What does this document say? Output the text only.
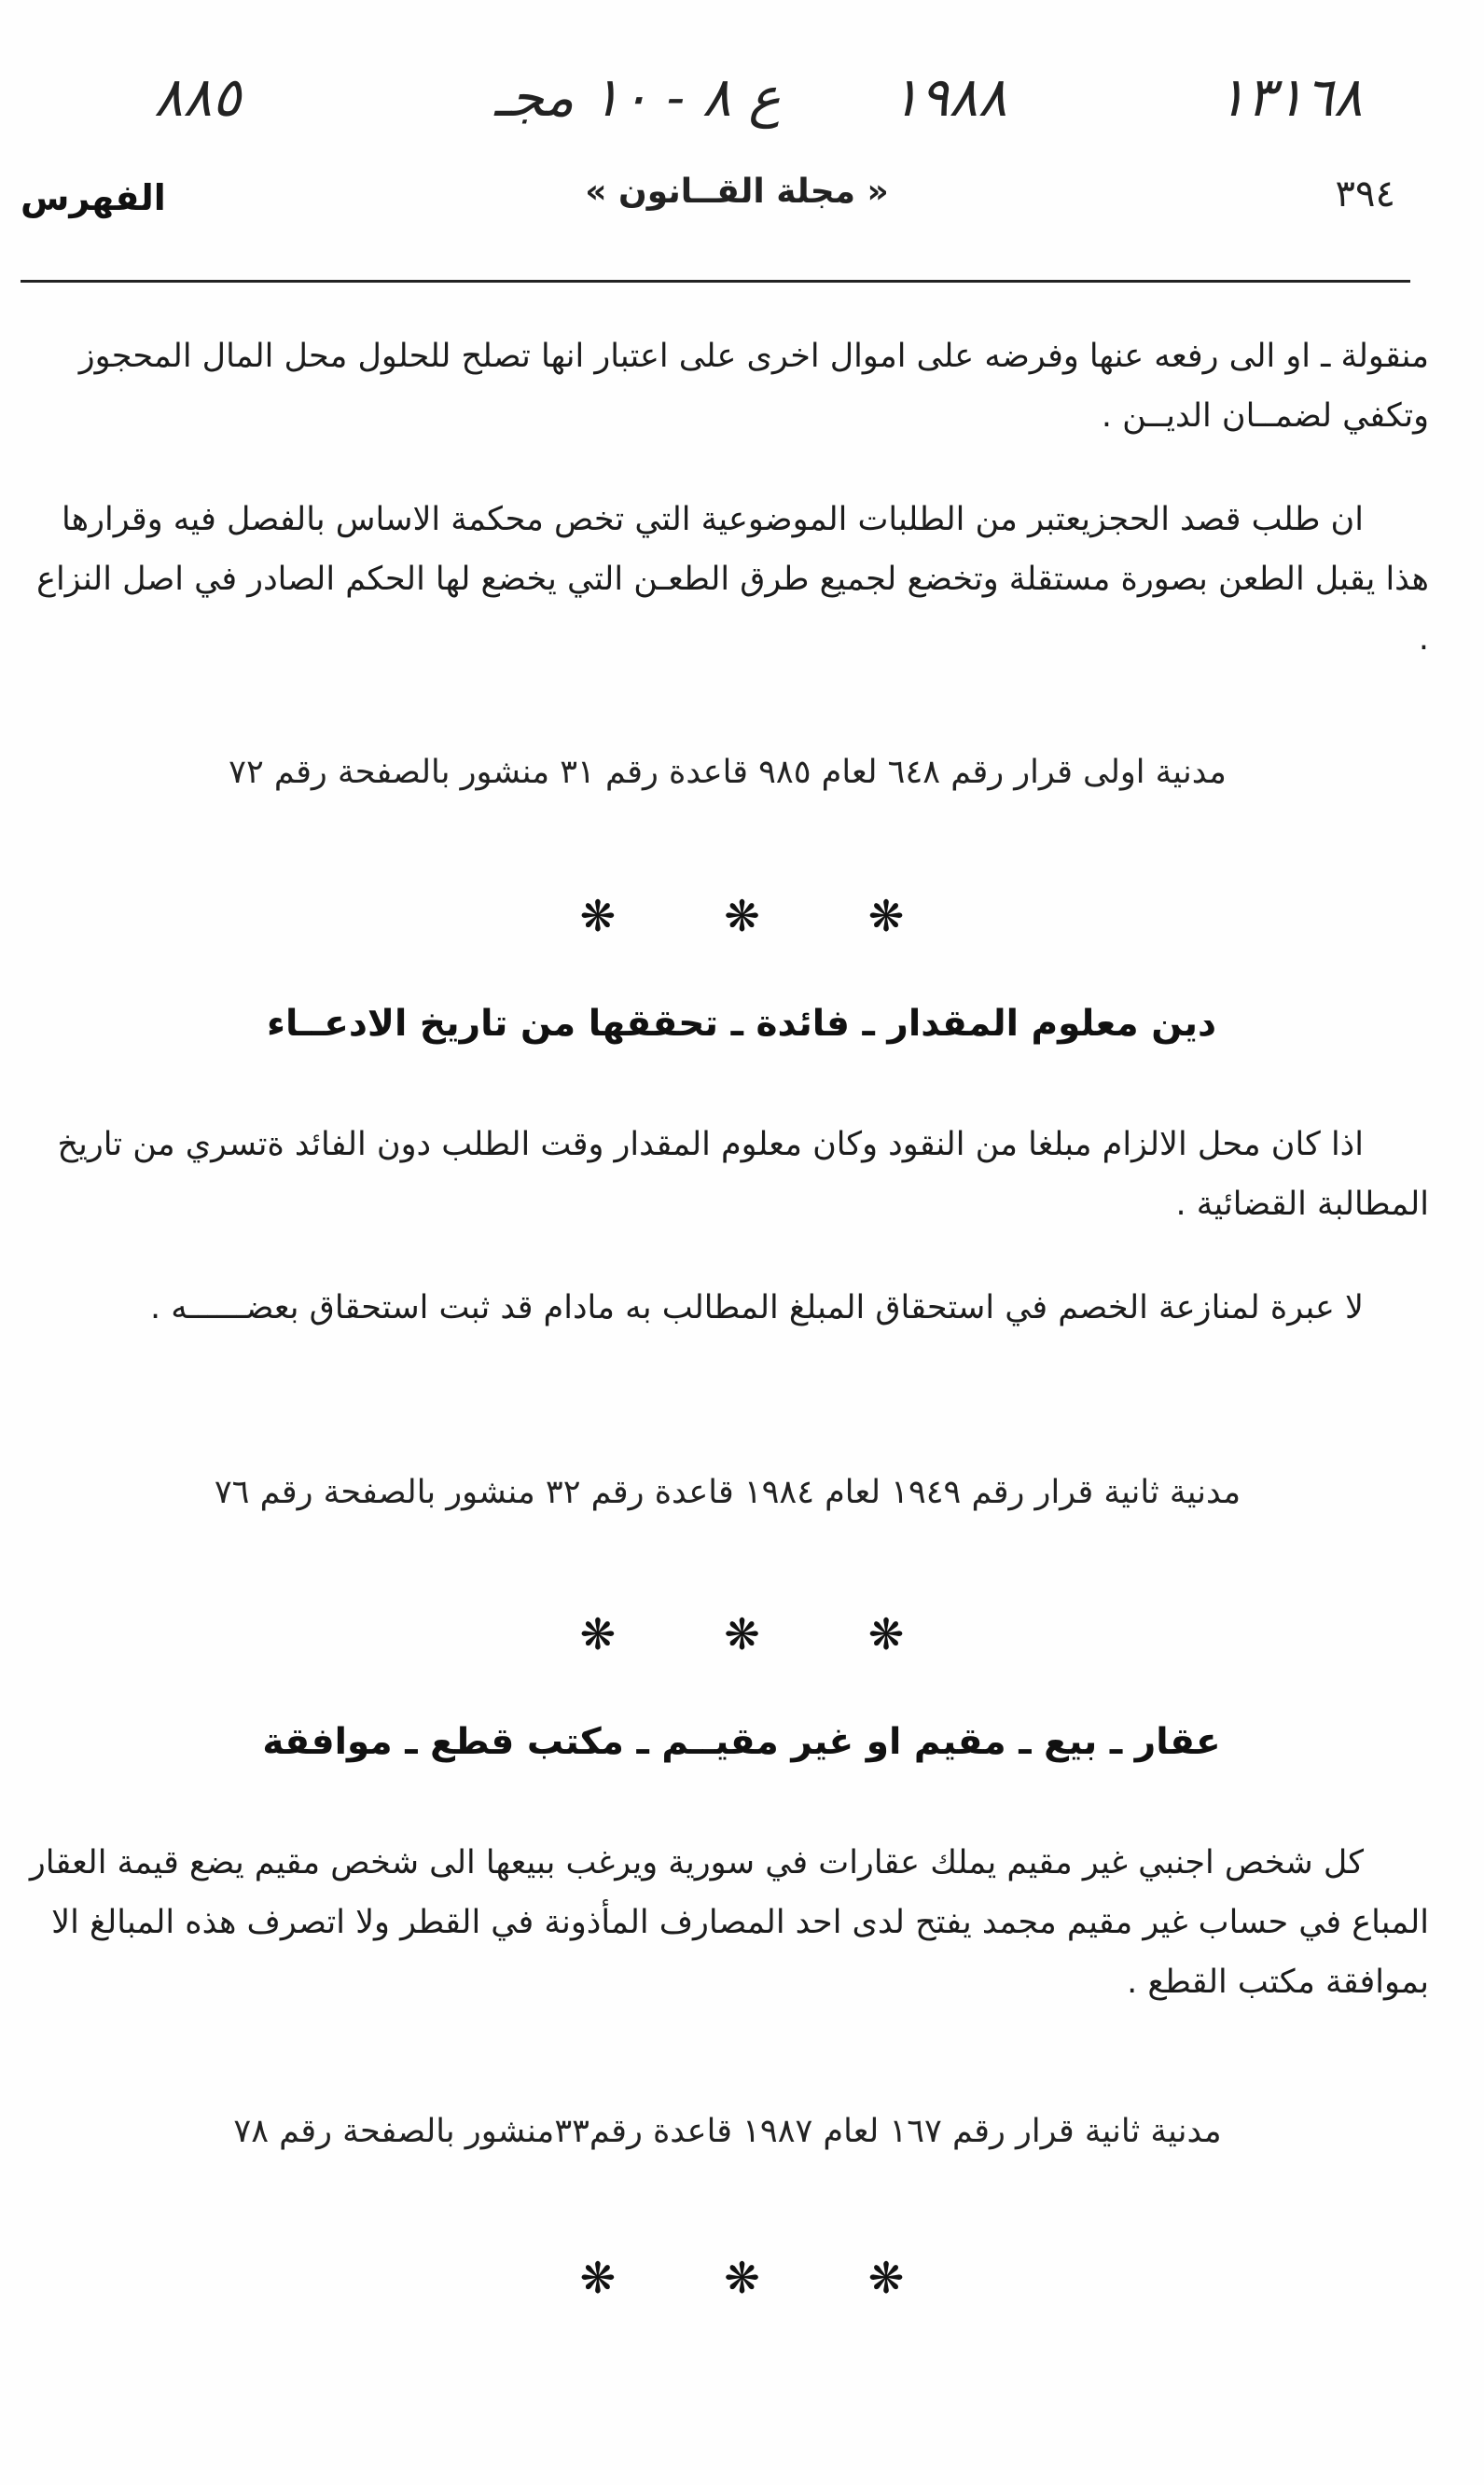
١٣١٦٨
١٩٨٨
ع ٨ - ١٠ مجـ
٨٨٥
٣٩٤
« مجلة القــانون »
الفهرس

منقولة ـ او الى رفعه عنها وفرضه على اموال اخرى على اعتبار انها تصلح للحلول محل المال المحجوز وتكفي لضمــان الديــن .

ان طلب قصد الحجزيعتبر من الطلبات الموضوعية التي تخص محكمة الاساس بالفصل فيه وقرارها هذا يقبل الطعن بصورة مستقلة وتخضع لجميع طرق الطعـن التي يخضع لها الحكم الصادر في اصل النزاع .

مدنية اولى قرار رقم ٦٤٨ لعام ٩٨٥ قاعدة رقم ٣١ منشور بالصفحة رقم ٧٢
❋	❋	❋
دين معلوم المقدار ـ فائدة ـ تحققها من تاريخ الادعــاء

اذا كان محل الالزام مبلغا من النقود وكان معلوم المقدار وقت الطلب دون الفائد ةتسري من تاريخ المطالبة القضائية .

لا عبرة لمنازعة الخصم في استحقاق المبلغ المطالب به مادام قد ثبت استحقاق بعضــــــه .

مدنية ثانية قرار رقم ١٩٤٩ لعام ١٩٨٤ قاعدة رقم ٣٢ منشور بالصفحة رقم ٧٦
❋	❋	❋
عقار ـ بيع ـ مقيم او غير مقيــم ـ مكتب قطع ـ موافقة

كل شخص اجنبي غير مقيم يملك عقارات في سورية ويرغب ببيعها الى شخص مقيم يضع قيمة العقار المباع في حساب غير مقيم مجمد يفتح لدى احد المصارف المأذونة في القطر ولا اتصرف هذه المبالغ الا بموافقة مكتب القطع .

مدنية ثانية قرار رقم ١٦٧ لعام ١٩٨٧ قاعدة رقم٣٣منشور بالصفحة رقم ٧٨
❋	❋	❋
